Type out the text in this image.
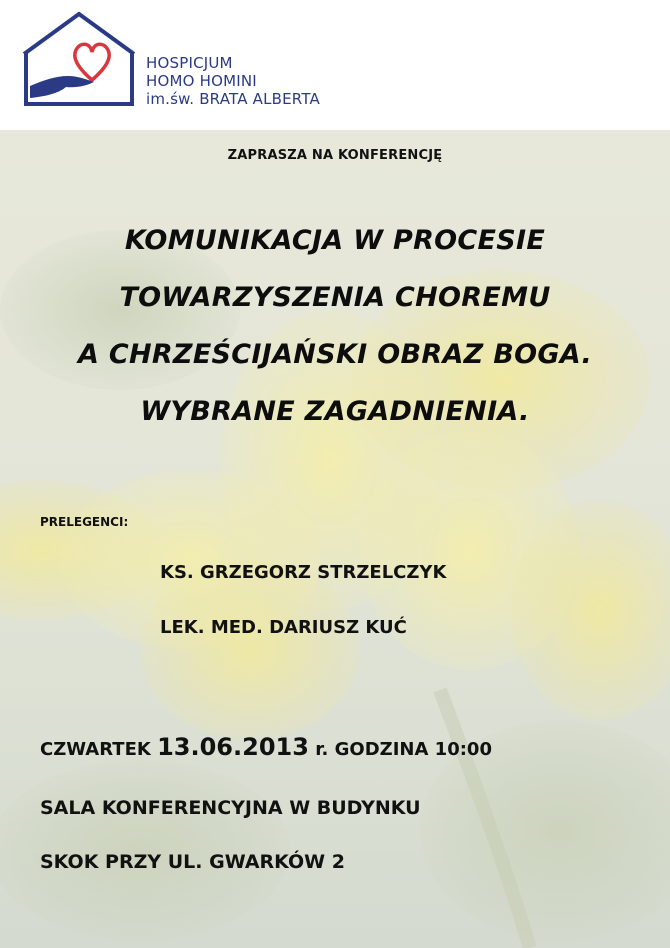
HOSPICJUM
HOMO HOMINI
im.św. BRATA ALBERTA
ZAPRASZA NA KONFERENCJĘ
KOMUNIKACJA W PROCESIE
TOWARZYSZENIA CHOREMU
A CHRZEŚCIJAŃSKI OBRAZ BOGA.
WYBRANE ZAGADNIENIA.
PRELEGENCI:
KS. GRZEGORZ STRZELCZYK
LEK. MED. DARIUSZ KUĆ
CZWARTEK 13.06.2013 r. GODZINA 10:00
SALA KONFERENCYJNA W BUDYNKU
SKOK PRZY UL. GWARKÓW 2
